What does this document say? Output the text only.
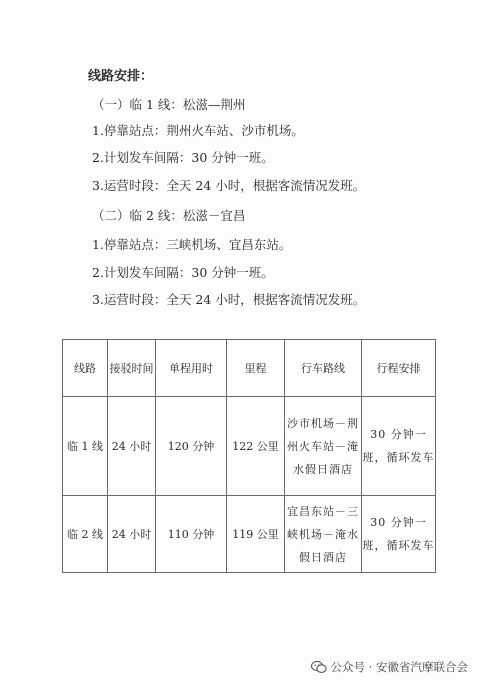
线路安排：
（一）临 1 线：松滋—荆州
1.停靠站点：荆州火车站、沙市机场。
2.计划发车间隔：30 分钟一班。
3.运营时段：全天 24 小时，根据客流情况发班。
（二）临 2 线：松滋－宜昌
1.停靠站点：三峡机场、宜昌东站。
2.计划发车间隔：30 分钟一班。
3.运营时段：全天 24 小时，根据客流情况发班。
线路	接驳时间	单程用时	里程	行车路线	行程安排
临 1 线	24 小时	120 分钟	122 公里	沙市机场－荆州火车站－淹水假日酒店	30 分钟一班，循环发车
临 2 线	24 小时	110 分钟	119 公里	宜昌东站－三峡机场－淹水假日酒店	30 分钟一班，循环发车
公众号 · 安徽省汽摩联合会
